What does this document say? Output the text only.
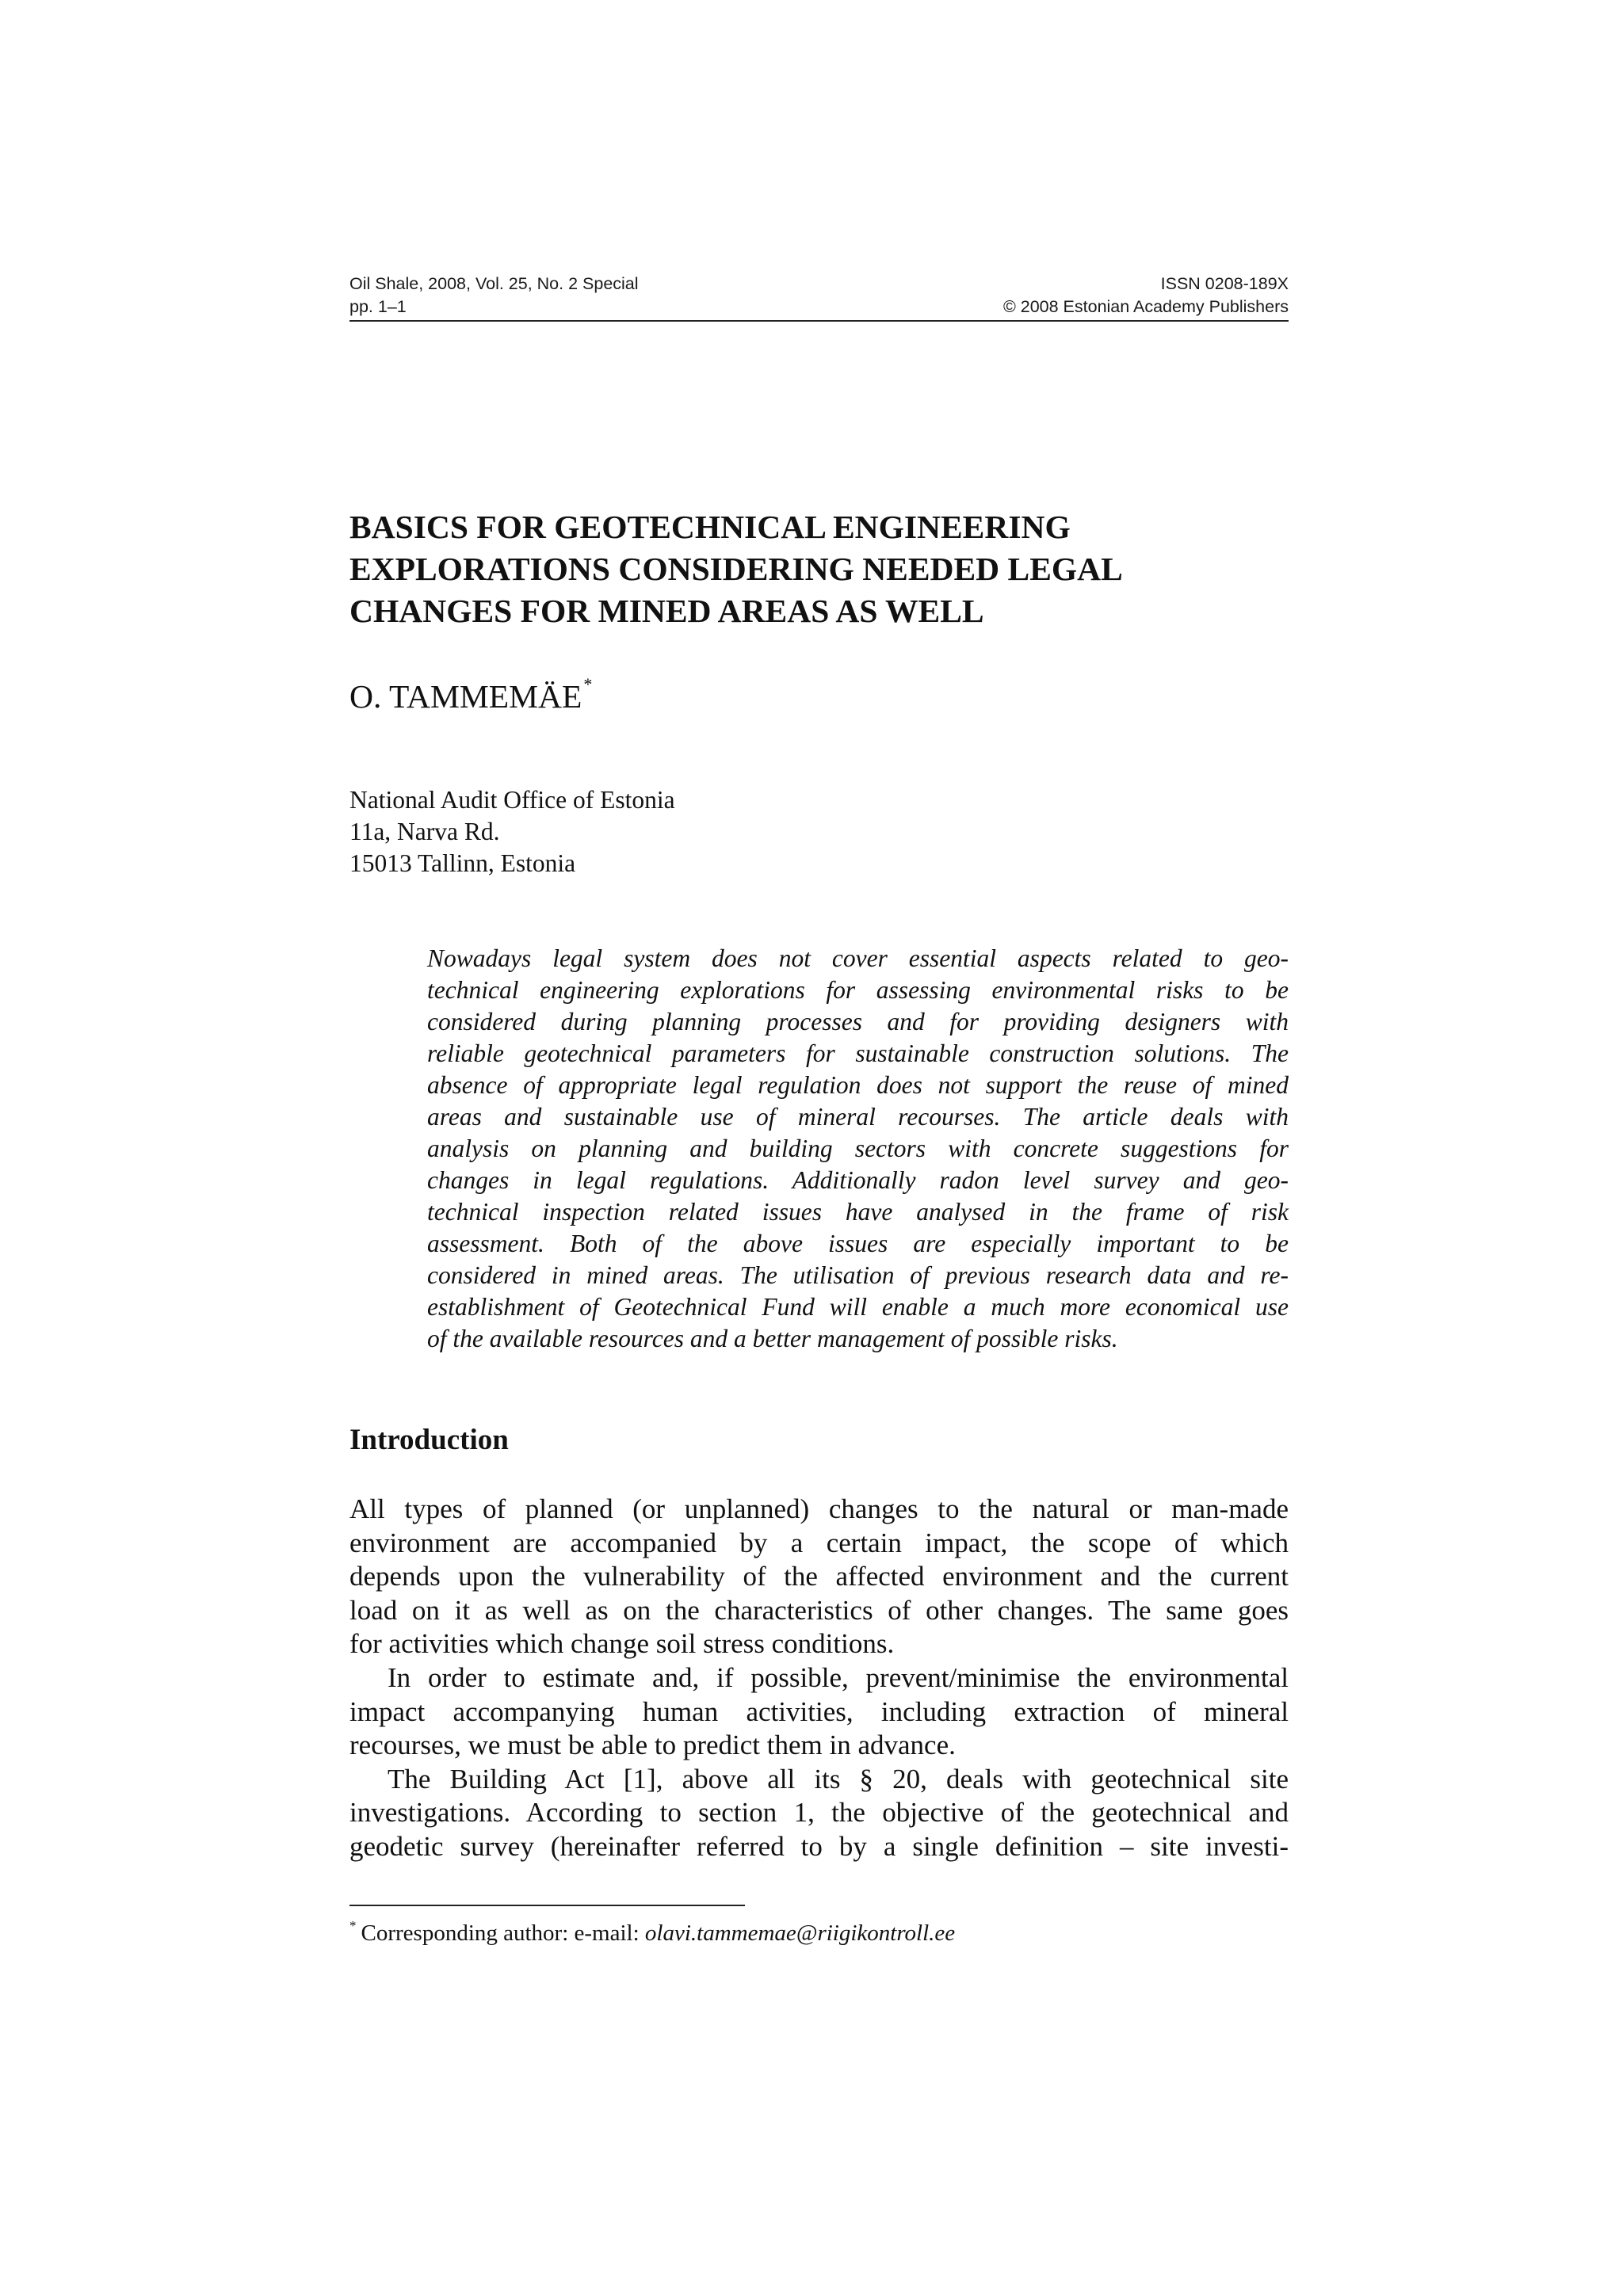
Oil Shale, 2008, Vol. 25, No. 2 Special	ISSN 0208-189X
pp. 1–1	© 2008 Estonian Academy Publishers
BASICS FOR GEOTECHNICAL ENGINEERING
EXPLORATIONS CONSIDERING NEEDED LEGAL
CHANGES FOR MINED AREAS AS WELL
O. TAMMEMÄE*
National Audit Office of Estonia
11a, Narva Rd.
15013 Tallinn, Estonia
Nowadays legal system does not cover essential aspects related to geo-
technical engineering explorations for assessing environmental risks to be
considered during planning processes and for providing designers with
reliable geotechnical parameters for sustainable construction solutions. The
absence of appropriate legal regulation does not support the reuse of mined
areas and sustainable use of mineral recourses. The article deals with
analysis on planning and building sectors with concrete suggestions for
changes in legal regulations. Additionally radon level survey and geo-
technical inspection related issues have analysed in the frame of risk
assessment. Both of the above issues are especially important to be
considered in mined areas. The utilisation of previous research data and re-
establishment of Geotechnical Fund will enable a much more economical use
of the available resources and a better management of possible risks.
Introduction
All types of planned (or unplanned) changes to the natural or man-made
environment are accompanied by a certain impact, the scope of which
depends upon the vulnerability of the affected environment and the current
load on it as well as on the characteristics of other changes. The same goes
for activities which change soil stress conditions.
In order to estimate and, if possible, prevent/minimise the environmental
impact accompanying human activities, including extraction of mineral
recourses, we must be able to predict them in advance.
The Building Act [1], above all its § 20, deals with geotechnical site
investigations. According to section 1, the objective of the geotechnical and
geodetic survey (hereinafter referred to by a single definition – site investi-
* Corresponding author: e-mail: olavi.tammemae@riigikontroll.ee
